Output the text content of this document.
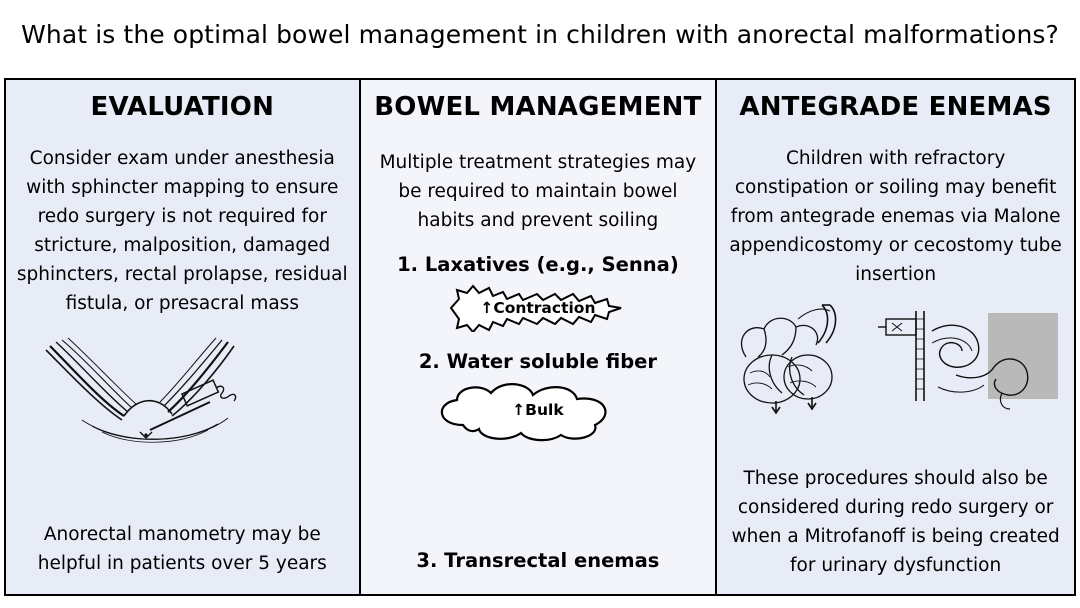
What is the optimal bowel management in children with anorectal malformations?
EVALUATION
Consider exam under anesthesia with sphincter mapping to ensure redo surgery is not required for stricture, malposition, damaged sphincters, rectal prolapse, residual fistula, or presacral mass
Anorectal manometry may be helpful in patients over 5 years
BOWEL MANAGEMENT
Multiple treatment strategies may be required to maintain bowel habits and prevent soiling
1. Laxatives (e.g., Senna)
↑Contraction
2. Water soluble fiber
↑Bulk
3. Transrectal enemas
ANTEGRADE ENEMAS
Children with refractory constipation or soiling may benefit from antegrade enemas via Malone appendicostomy or cecostomy tube insertion
These procedures should also be considered during redo surgery or when a Mitrofanoff is being created for urinary dysfunction
